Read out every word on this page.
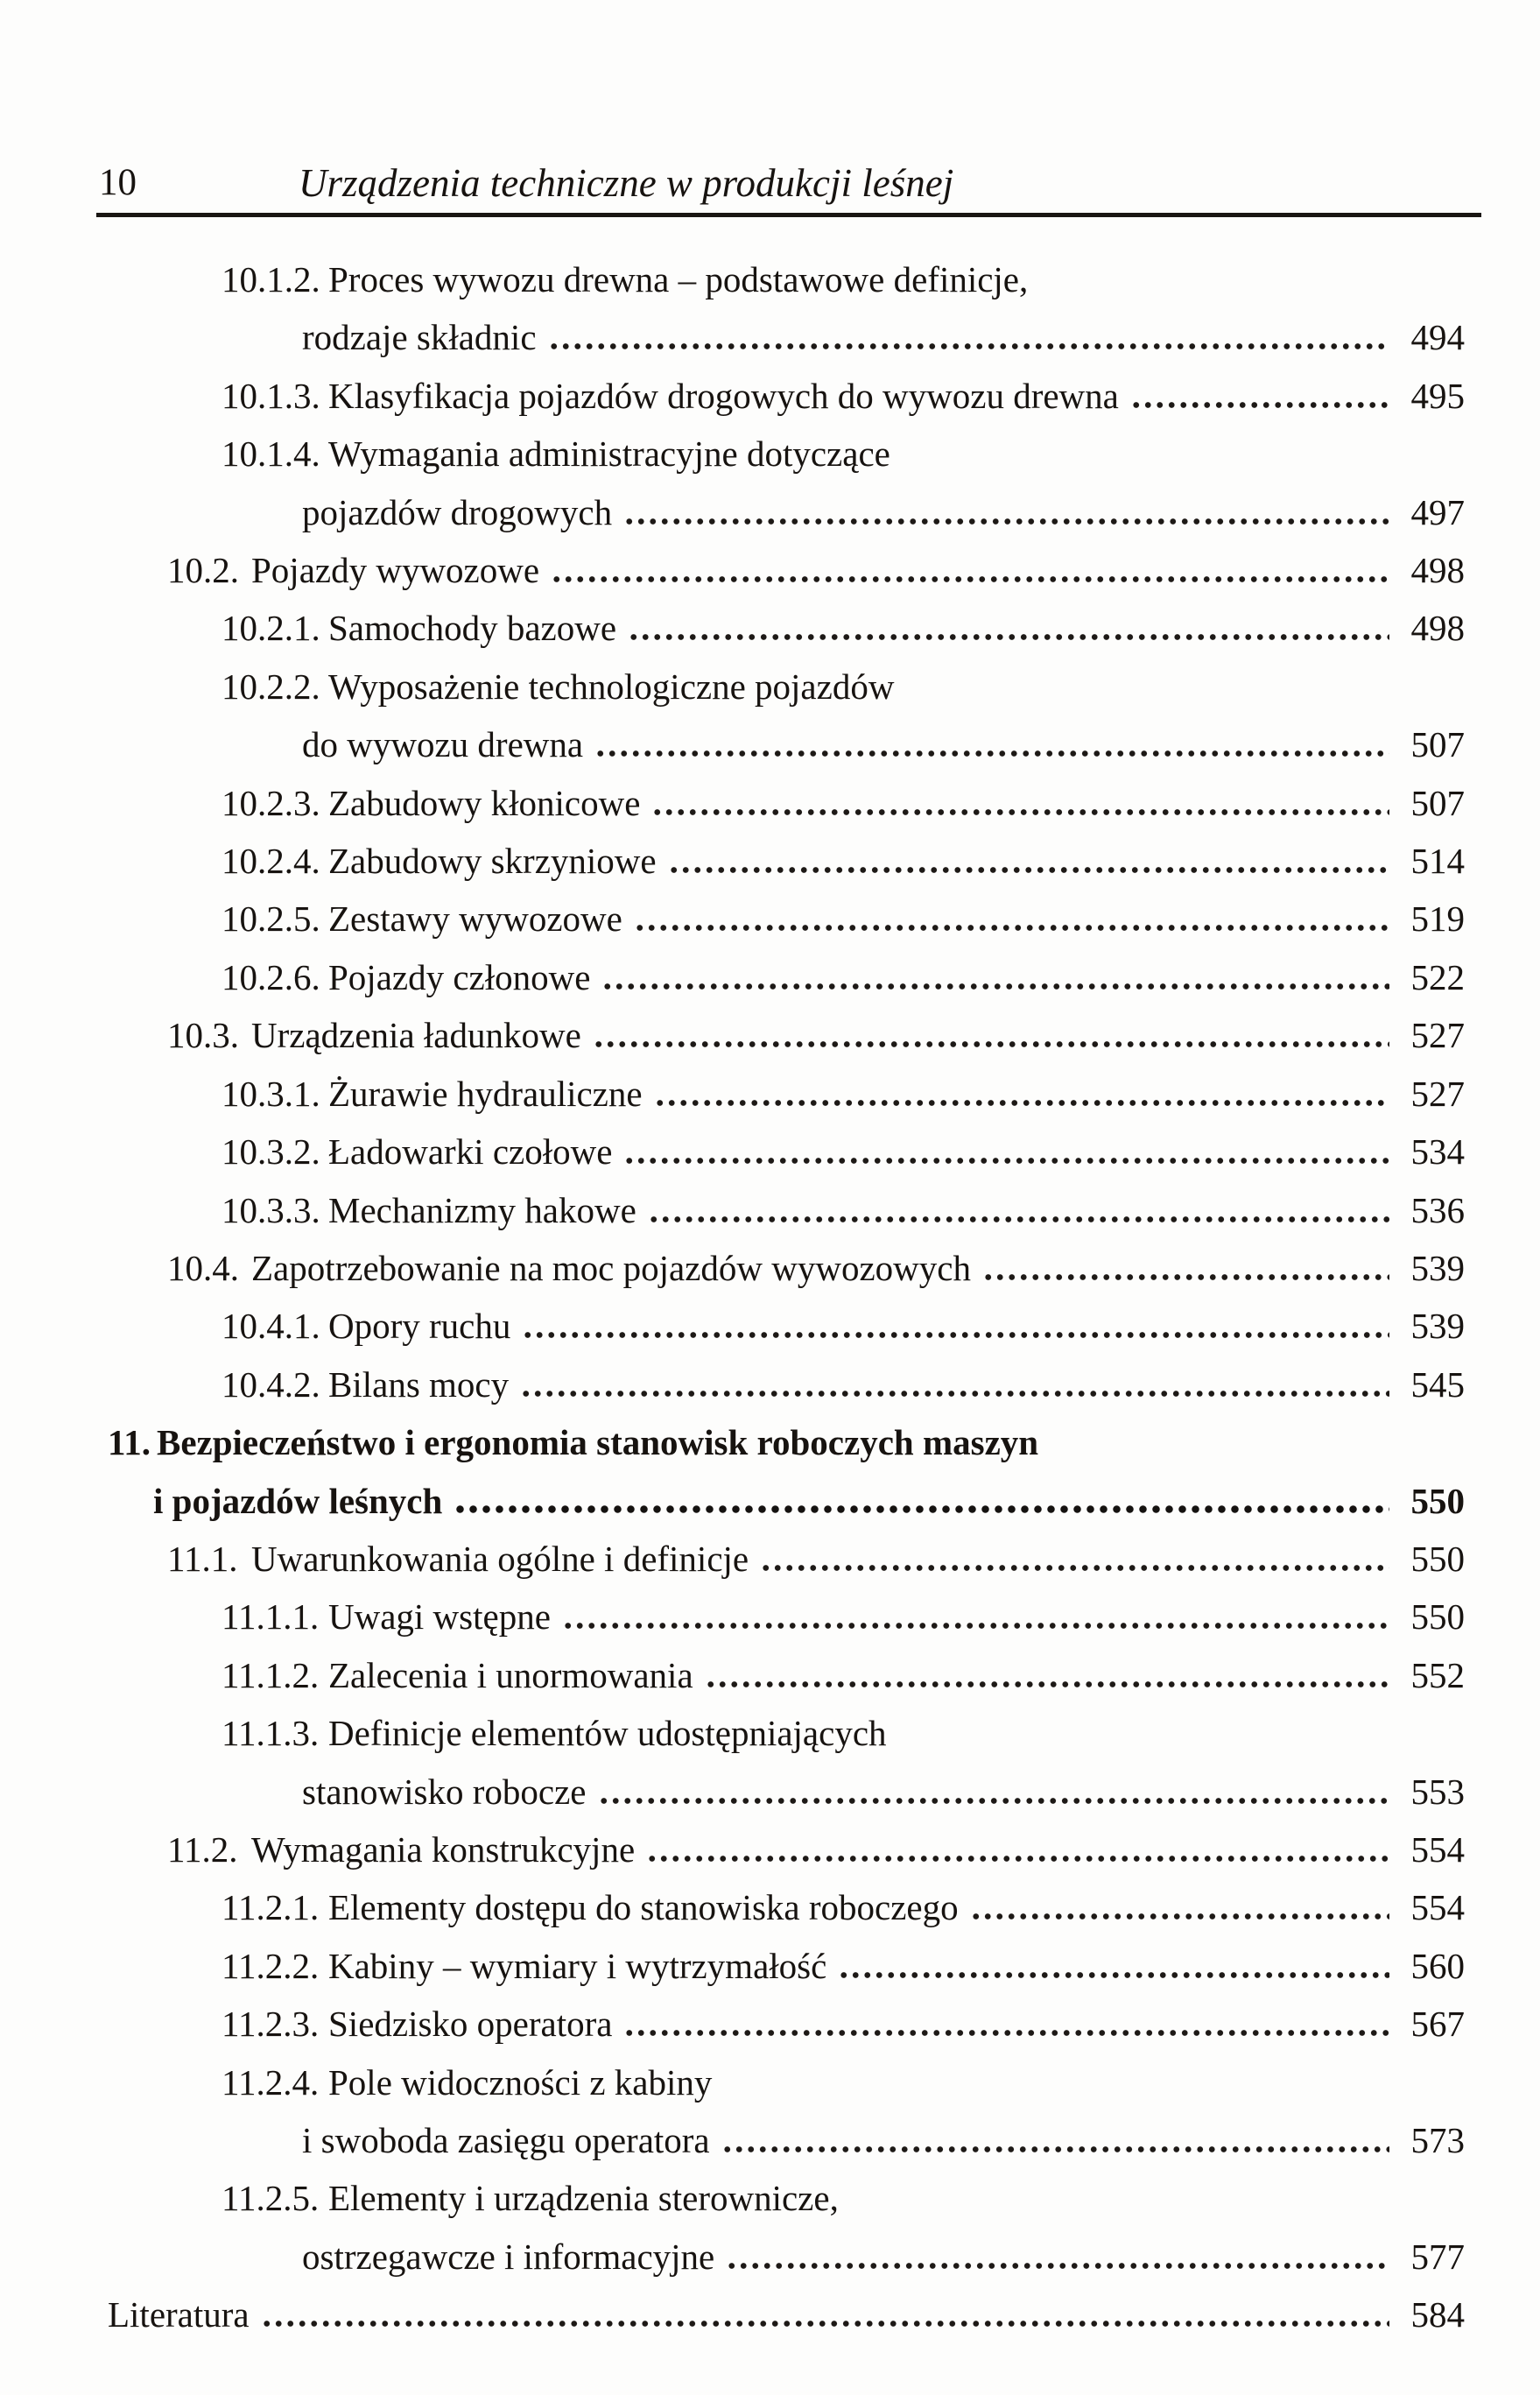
10	Urządzenia techniczne w produkcji leśnej
10.1.2. Proces wywozu drewna – podstawowe definicje,
rodzaje składnic	494
10.1.3. Klasyfikacja pojazdów drogowych do wywozu drewna	495
10.1.4. Wymagania administracyjne dotyczące
pojazdów drogowych	497
10.2. Pojazdy wywozowe	498
10.2.1. Samochody bazowe	498
10.2.2. Wyposażenie technologiczne pojazdów
do wywozu drewna	507
10.2.3. Zabudowy kłonicowe	507
10.2.4. Zabudowy skrzyniowe	514
10.2.5. Zestawy wywozowe	519
10.2.6. Pojazdy członowe	522
10.3. Urządzenia ładunkowe	527
10.3.1. Żurawie hydrauliczne	527
10.3.2. Ładowarki czołowe	534
10.3.3. Mechanizmy hakowe	536
10.4. Zapotrzebowanie na moc pojazdów wywozowych	539
10.4.1. Opory ruchu	539
10.4.2. Bilans mocy	545
11. Bezpieczeństwo i ergonomia stanowisk roboczych maszyn
i pojazdów leśnych	550
11.1. Uwarunkowania ogólne i definicje	550
11.1.1. Uwagi wstępne	550
11.1.2. Zalecenia i unormowania	552
11.1.3. Definicje elementów udostępniających
stanowisko robocze	553
11.2. Wymagania konstrukcyjne	554
11.2.1. Elementy dostępu do stanowiska roboczego	554
11.2.2. Kabiny – wymiary i wytrzymałość	560
11.2.3. Siedzisko operatora	567
11.2.4. Pole widoczności z kabiny
i swoboda zasięgu operatora	573
11.2.5. Elementy i urządzenia sterownicze,
ostrzegawcze i informacyjne	577
Literatura	584
